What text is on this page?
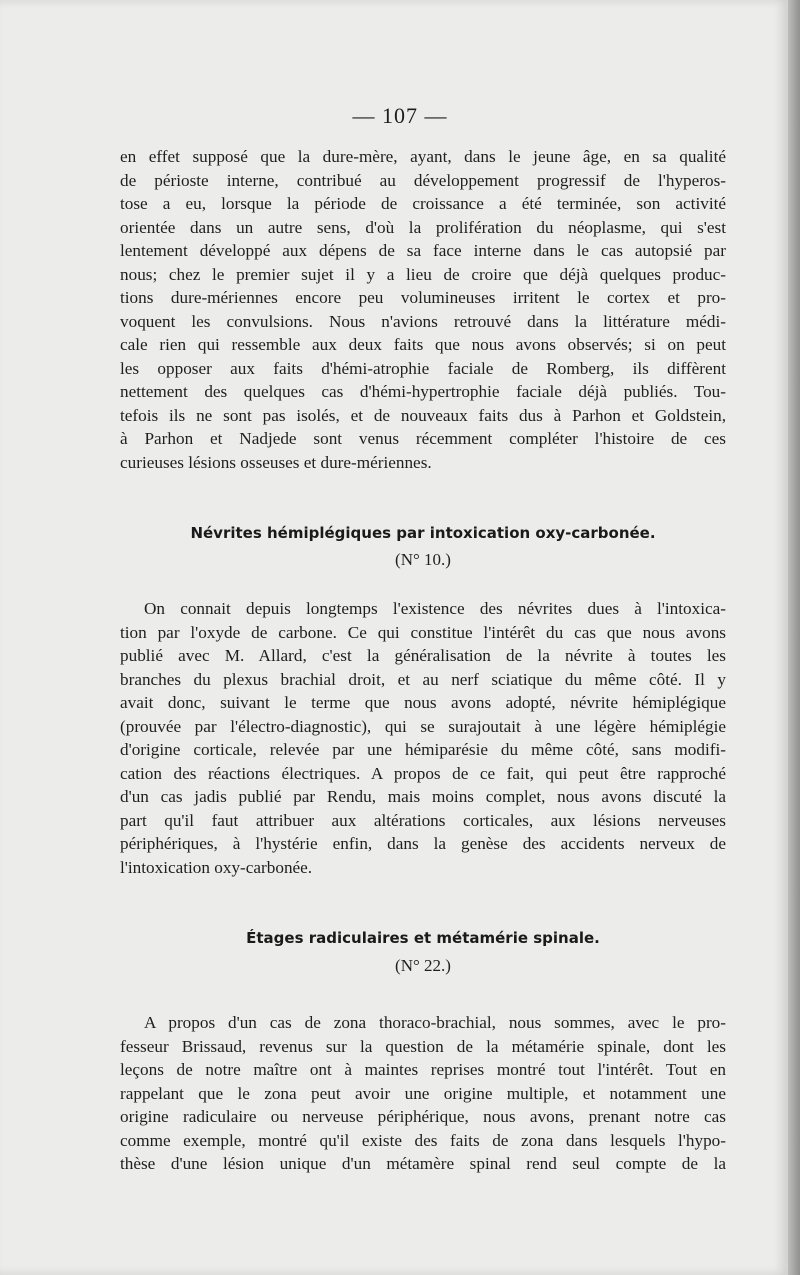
— 107 —
en effet supposé que la dure-mère, ayant, dans le jeune âge, en sa qualité
de périoste interne, contribué au développement progressif de l'hyperos-
tose a eu, lorsque la période de croissance a été terminée, son activité
orientée dans un autre sens, d'où la prolifération du néoplasme, qui s'est
lentement développé aux dépens de sa face interne dans le cas autopsié par
nous; chez le premier sujet il y a lieu de croire que déjà quelques produc-
tions dure-mériennes encore peu volumineuses irritent le cortex et pro-
voquent les convulsions. Nous n'avions retrouvé dans la littérature médi-
cale rien qui ressemble aux deux faits que nous avons observés; si on peut
les opposer aux faits d'hémi-atrophie faciale de Romberg, ils diffèrent
nettement des quelques cas d'hémi-hypertrophie faciale déjà publiés. Tou-
tefois ils ne sont pas isolés, et de nouveaux faits dus à Parhon et Goldstein,
à Parhon et Nadjede sont venus récemment compléter l'histoire de ces
curieuses lésions osseuses et dure-mériennes.
Névrites hémiplégiques par intoxication oxy-carbonée.
(N° 10.)
On connait depuis longtemps l'existence des névrites dues à l'intoxica-
tion par l'oxyde de carbone. Ce qui constitue l'intérêt du cas que nous avons
publié avec M. Allard, c'est la généralisation de la névrite à toutes les
branches du plexus brachial droit, et au nerf sciatique du même côté. Il y
avait donc, suivant le terme que nous avons adopté, névrite hémiplégique
(prouvée par l'électro-diagnostic), qui se surajoutait à une légère hémiplégie
d'origine corticale, relevée par une hémiparésie du même côté, sans modifi-
cation des réactions électriques. A propos de ce fait, qui peut être rapproché
d'un cas jadis publié par Rendu, mais moins complet, nous avons discuté la
part qu'il faut attribuer aux altérations corticales, aux lésions nerveuses
périphériques, à l'hystérie enfin, dans la genèse des accidents nerveux de
l'intoxication oxy-carbonée.
Étages radiculaires et métamérie spinale.
(N° 22.)
A propos d'un cas de zona thoraco-brachial, nous sommes, avec le pro-
fesseur Brissaud, revenus sur la question de la métamérie spinale, dont les
leçons de notre maître ont à maintes reprises montré tout l'intérêt. Tout en
rappelant que le zona peut avoir une origine multiple, et notamment une
origine radiculaire ou nerveuse périphérique, nous avons, prenant notre cas
comme exemple, montré qu'il existe des faits de zona dans lesquels l'hypo-
thèse d'une lésion unique d'un métamère spinal rend seul compte de la
